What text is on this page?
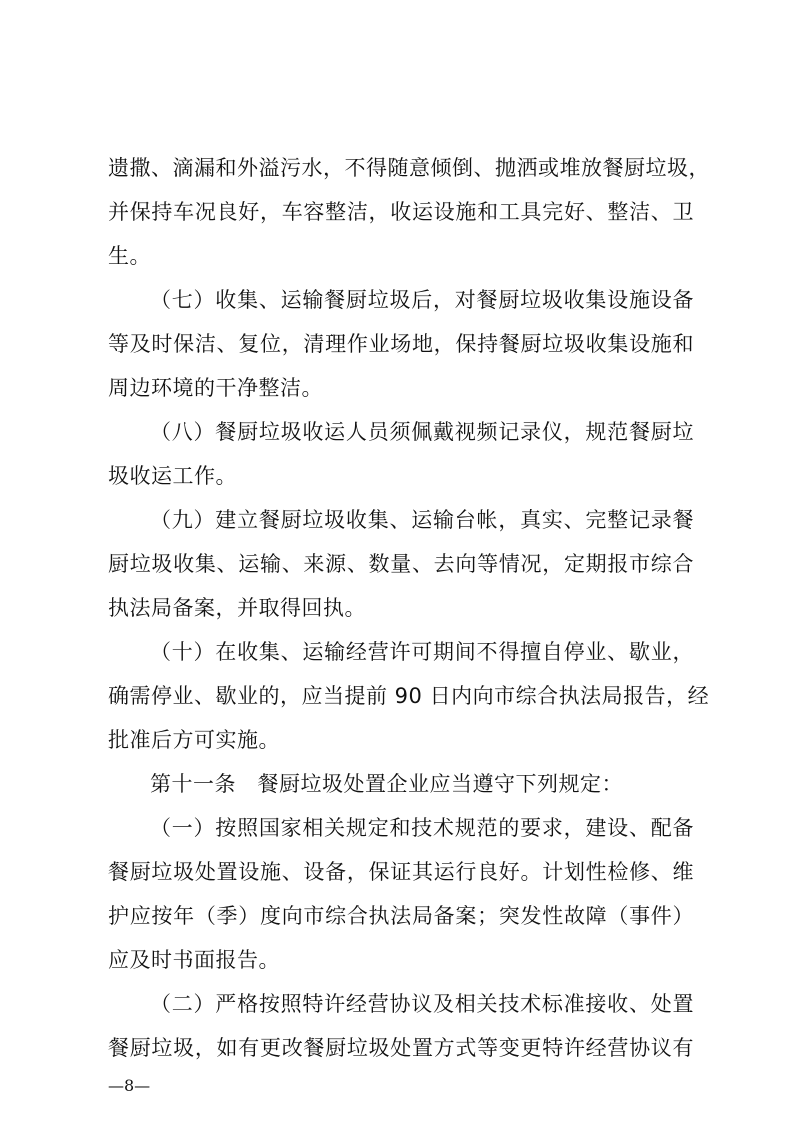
遗撒、滴漏和外溢污水，不得随意倾倒、抛洒或堆放餐厨垃圾，
并保持车况良好，车容整洁，收运设施和工具完好、整洁、卫
生。
（七）收集、运输餐厨垃圾后，对餐厨垃圾收集设施设备
等及时保洁、复位，清理作业场地，保持餐厨垃圾收集设施和
周边环境的干净整洁。
（八）餐厨垃圾收运人员须佩戴视频记录仪，规范餐厨垃
圾收运工作。
（九）建立餐厨垃圾收集、运输台帐，真实、完整记录餐
厨垃圾收集、运输、来源、数量、去向等情况，定期报市综合
执法局备案，并取得回执。
（十）在收集、运输经营许可期间不得擅自停业、歇业，
确需停业、歇业的，应当提前 90 日内向市综合执法局报告，经
批准后方可实施。
第十一条　餐厨垃圾处置企业应当遵守下列规定：
（一）按照国家相关规定和技术规范的要求，建设、配备
餐厨垃圾处置设施、设备，保证其运行良好。计划性检修、维
护应按年（季）度向市综合执法局备案；突发性故障（事件）
应及时书面报告。
（二）严格按照特许经营协议及相关技术标准接收、处置
餐厨垃圾，如有更改餐厨垃圾处置方式等变更特许经营协议有
—8—
